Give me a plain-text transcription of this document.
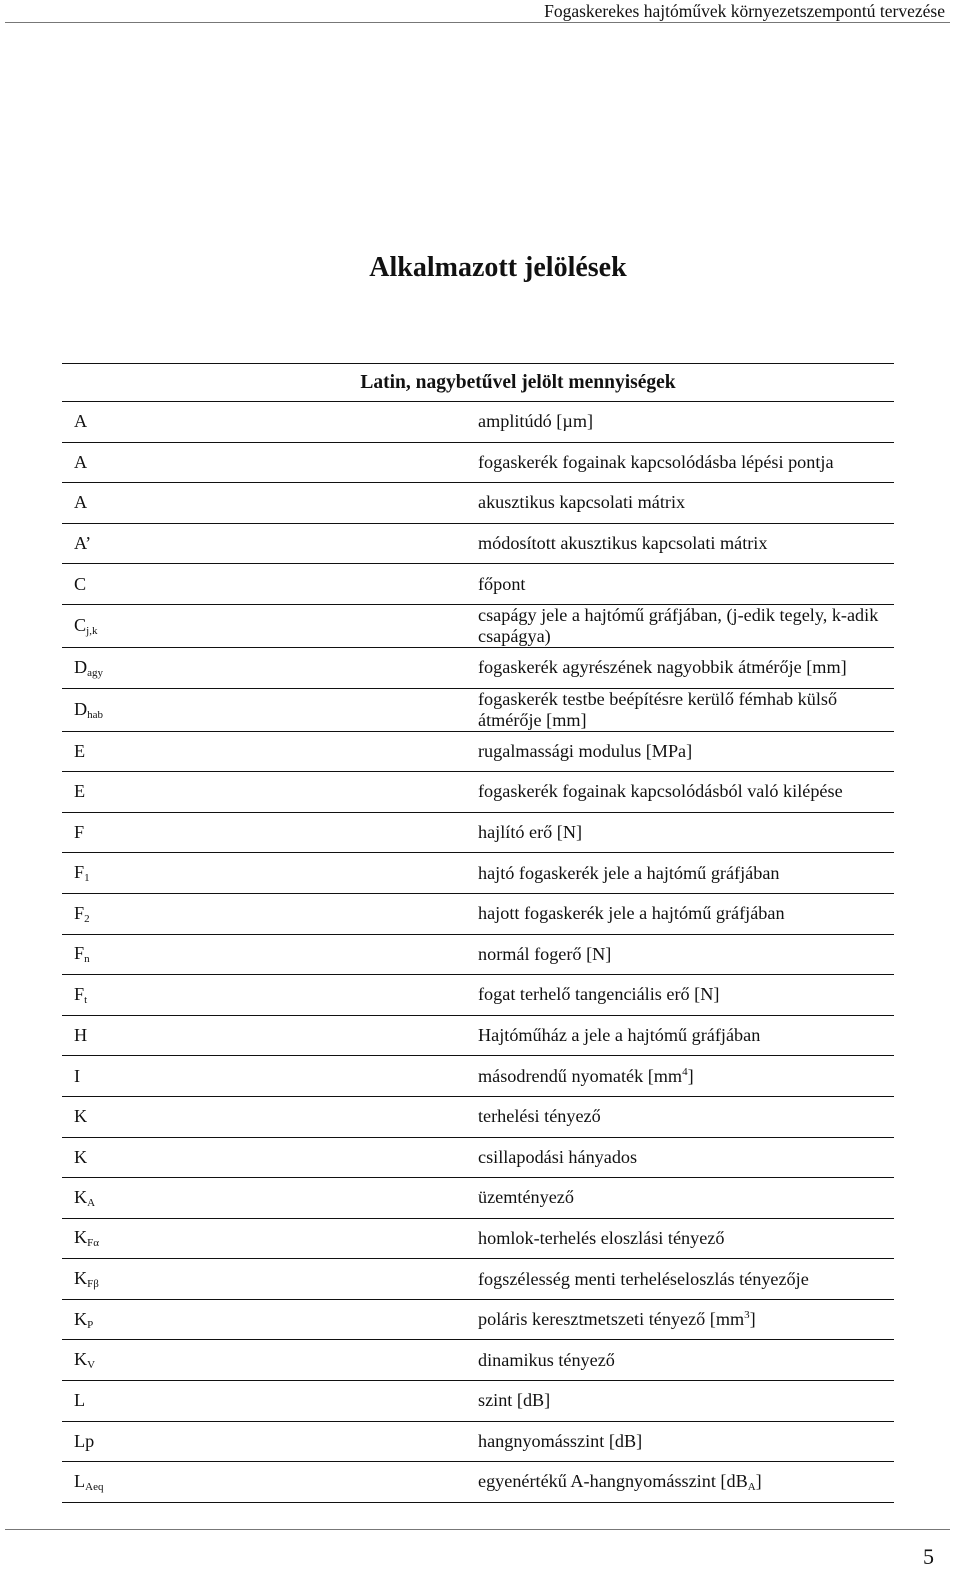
Fogaskerekes hajtóművek környezetszempontú tervezése
Alkalmazott jelölések
Latin, nagybetűvel jelölt mennyiségek	
A	amplitúdó [µm]
A	fogaskerék fogainak kapcsolódásba lépési pontja
A	akusztikus kapcsolati mátrix
A’	módosított akusztikus kapcsolati mátrix
C	főpont
$C_{j,k}$	csapágy jele a hajtómű gráfjában, (j-edik tegely, k-adik csapágya)
$D_{agy}$	fogaskerék agyrészének nagyobbik átmérője [mm]
$D_{hab}$	fogaskerék testbe beépítésre kerülő fémhab külső átmérője [mm]
E	rugalmassági modulus [MPa]
E	fogaskerék fogainak kapcsolódásból való kilépése
F	hajlító erő [N]
$F_1$	hajtó fogaskerék jele a hajtómű gráfjában
$F_2$	hajott fogaskerék jele a hajtómű gráfjában
$F_n$	normál fogerő [N]
$F_t$	fogat terhelő tangenciális erő [N]
H	Hajtóműház a jele a hajtómű gráfjában
I	másodrendű nyomaték $[mm^4]$
K	terhelési tényező
K	csillapodási hányados
$K_A$	üzemtényező
$K_{F\alpha}$	homlok-terhelés eloszlási tényező
$K_{F\beta}$	fogszélesség menti terheléseloszlás tényezője
$K_P$	poláris keresztmetszeti tényező $[mm^3]$
$K_V$	dinamikus tényező
L	szint [dB]
Lp	hangnyomásszint [dB]
$L_{Aeq}$	egyenértékű A-hangnyomásszint $[dB_A]$
5
